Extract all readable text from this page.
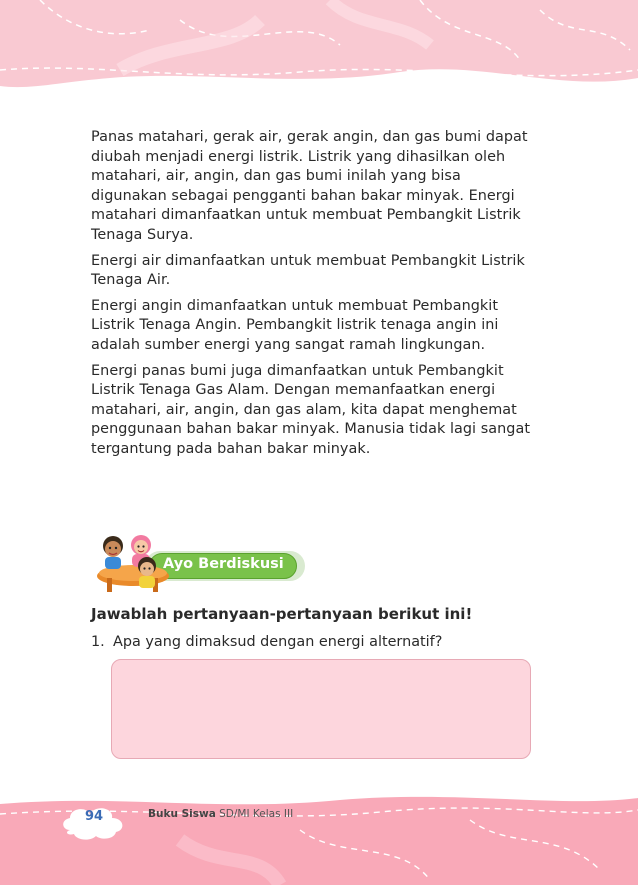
Panas matahari, gerak air, gerak angin, dan gas bumi dapat diubah menjadi energi listrik. Listrik yang dihasilkan oleh matahari, air, angin, dan gas bumi inilah yang bisa digunakan sebagai pengganti bahan bakar minyak. Energi matahari dimanfaatkan untuk membuat Pembangkit Listrik Tenaga Surya.

Energi air dimanfaatkan untuk membuat Pembangkit Listrik Tenaga Air.

Energi angin dimanfaatkan untuk membuat Pembangkit Listrik Tenaga Angin. Pembangkit listrik tenaga angin ini adalah sumber energi yang sangat ramah lingkungan.

Energi panas bumi juga dimanfaatkan untuk Pembangkit Listrik Tenaga Gas Alam. Dengan memanfaatkan energi matahari, air, angin, dan gas alam, kita dapat menghemat penggunaan bahan bakar minyak. Manusia tidak lagi sangat tergantung pada bahan bakar minyak.

Ayo Berdiskusi
Jawablah pertanyaan-pertanyaan berikut ini!
1. Apa yang dimaksud dengan energi alternatif?
94	Buku Siswa SD/MI Kelas III
